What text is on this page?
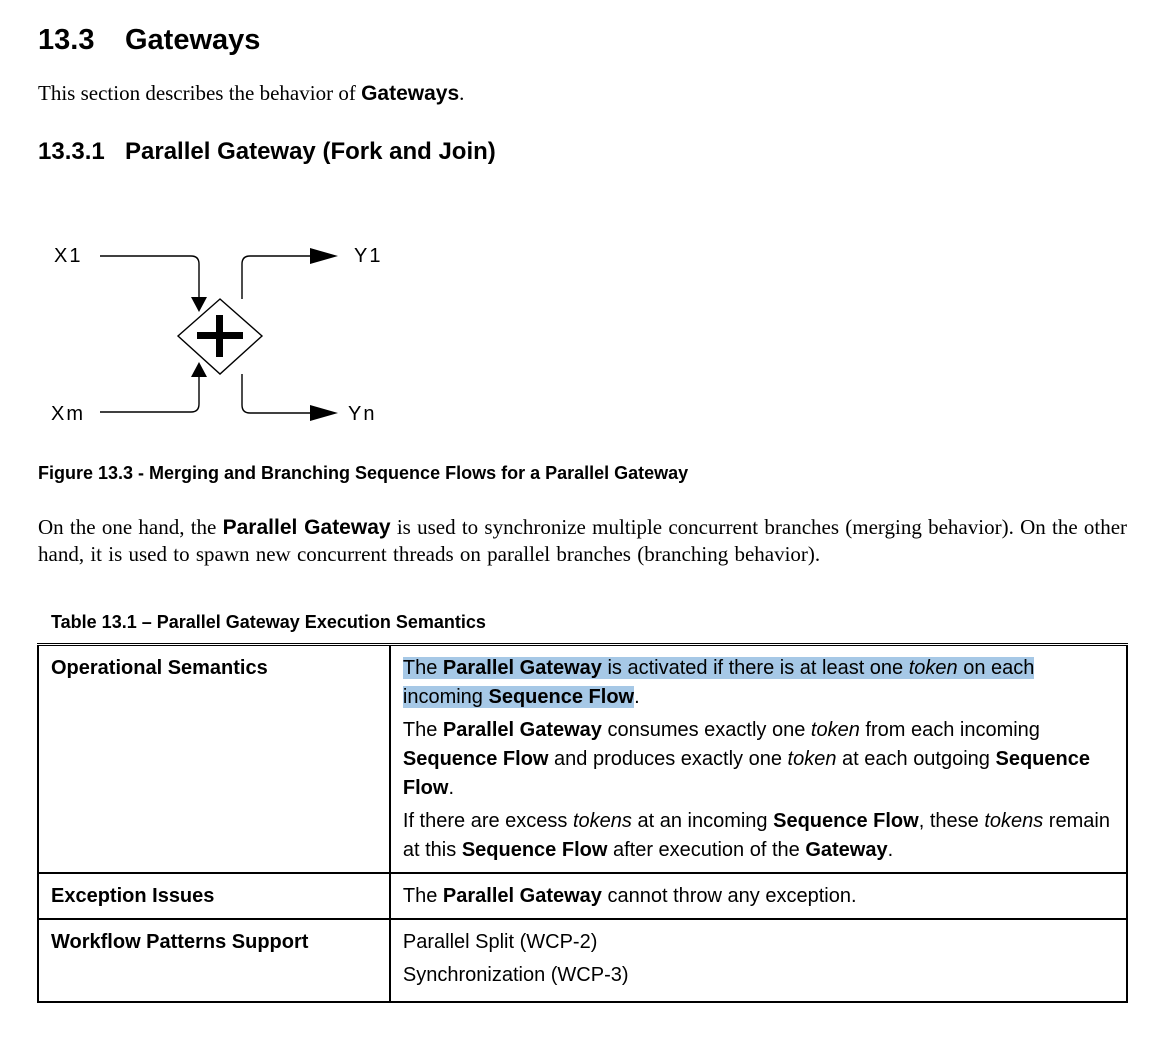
13.3 Gateways

This section describes the behavior of Gateways.

13.3.1 Parallel Gateway (Fork and Join)
X1
Xm
Y1
Yn

Figure 13.3 - Merging and Branching Sequence Flows for a Parallel Gateway

On the one hand, the Parallel Gateway is used to synchronize multiple concurrent branches (merging behavior). On the other hand, it is used to spawn new concurrent threads on parallel branches (branching behavior).

Table 13.1 – Parallel Gateway Execution Semantics

Operational Semantics	The Parallel Gateway is activated if there is at least one token on each incoming Sequence Flow.

The Parallel Gateway consumes exactly one token from each incoming Sequence Flow and produces exactly one token at each outgoing Sequence Flow.

If there are excess tokens at an incoming Sequence Flow, these tokens remain at this Sequence Flow after execution of the Gateway.

Exception Issues	The Parallel Gateway cannot throw any exception.

Workflow Patterns Support	Parallel Split (WCP-2)

Synchronization (WCP-3)
